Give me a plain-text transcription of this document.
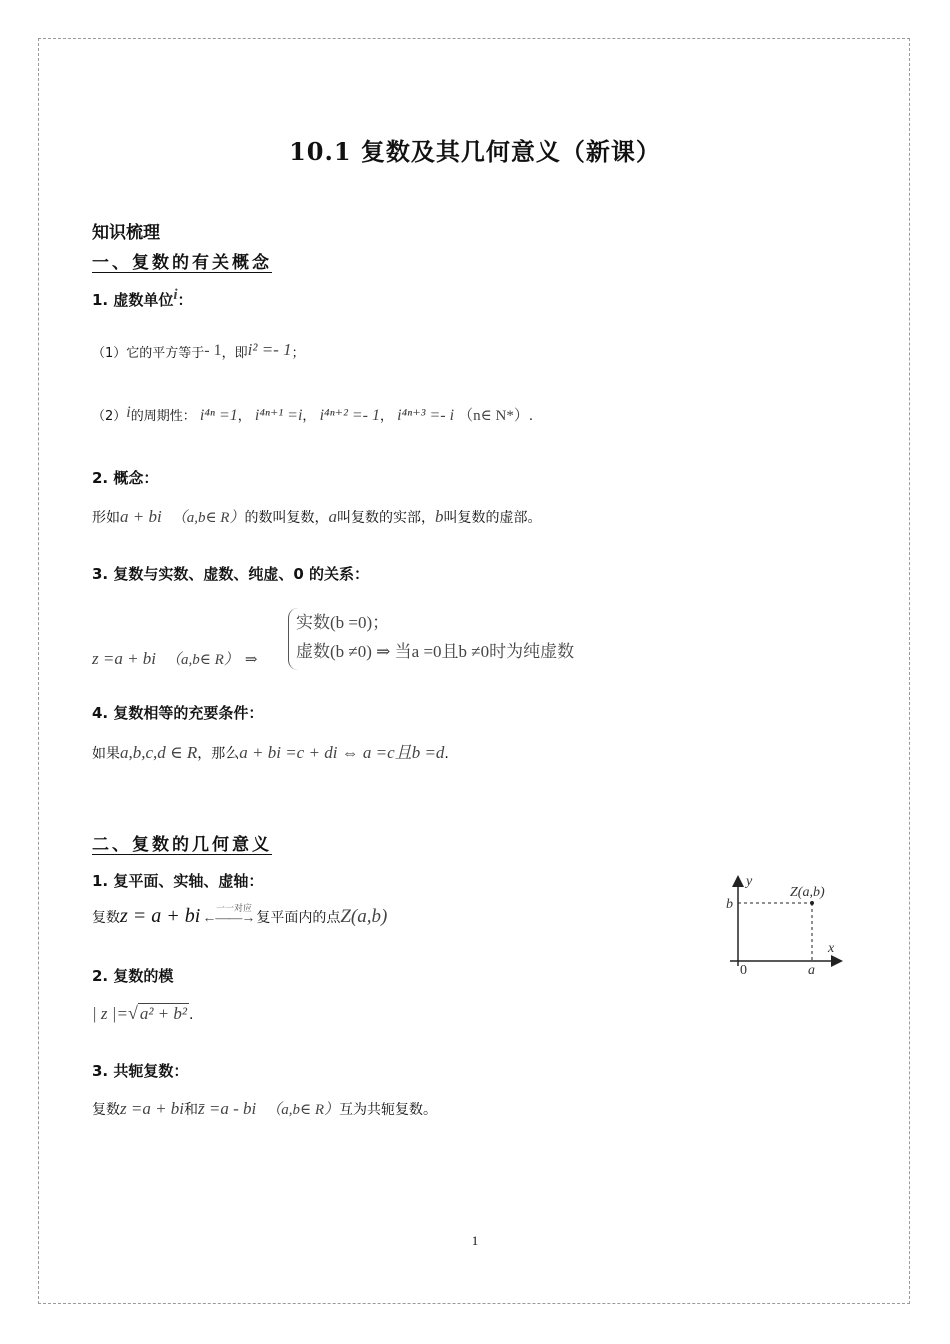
10.1 复数及其几何意义（新课）
知识梳理
一、复数的有关概念
1. 虚数单位i：
（1）它的平方等于- 1，即i² =- 1；
（2）i的周期性： i⁴ⁿ =1， i⁴ⁿ⁺¹ =i， i⁴ⁿ⁺² =- 1， i⁴ⁿ⁺³ =- i （n∈ N*）.
2. 概念：
形如a + bi （a,b∈ R）的数叫复数，a叫复数的实部，b叫复数的虚部。
3. 复数与实数、虚数、纯虚、0 的关系：
z =a + bi （a,b∈ R） ⇒
实数(b =0)；
虚数(b ≠0) ⇒ 当a =0且b ≠0时为纯虚数
4. 复数相等的充要条件：
如果a,b,c,d ∈ R，那么a + bi =c + di ⇔ a =c且b =d.
二、复数的几何意义
1. 复平面、实轴、虚轴：
复数z = a + bi ←——→ 复平面内的点Z(a,b)
一一对应
2. 复数的模
| z |=√ a² + b² .
3. 共轭复数：
复数z =a + bi和z̄ =a - bi （a,b∈ R）互为共轭复数。
y
x
b
a
0
Z(a,b)
1
